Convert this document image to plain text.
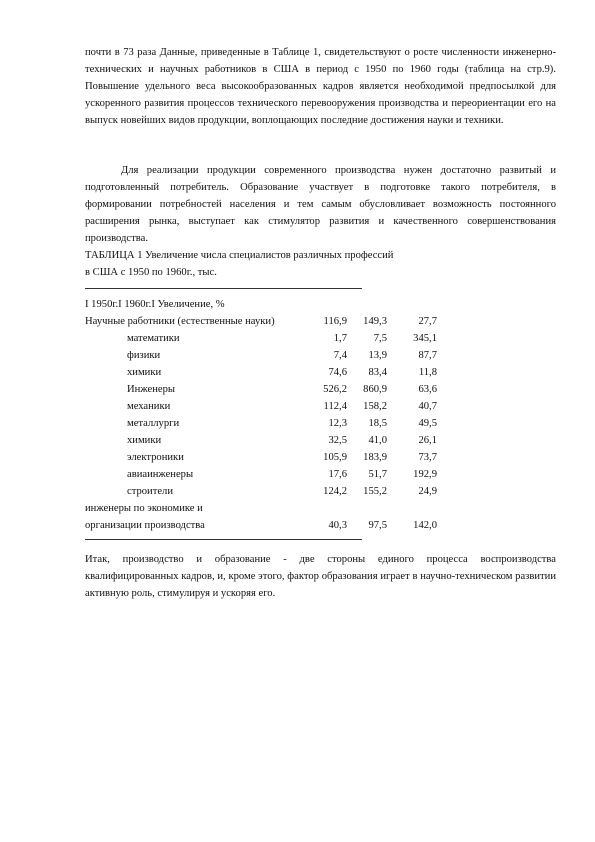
почти в 73 раза Данные, приведенные в Таблице 1, свидетельствуют о росте численности инженерно-технических и научных работников в США в период с 1950 по 1960 годы (таблица на стр.9). Повышение удельного веса высокообразованных кадров является необходимой предпосылкой для ускоренного развития процессов технического перевооружения производства и переориентации его на выпуск новейших видов продукции, воплощающих последние достижения науки и техники.

Для реализации продукции современного производства нужен достаточно развитый и подготовленный потребитель. Образование участвует в подготовке такого потребителя, в формировании потребностей населения и тем самым обусловливает возможность постоянного расширения рынка, выступает как стимулятор развития и качественного совершенствования производства.

ТАБЛИЦА 1 Увеличение числа специалистов различных профессий
в США с 1950 по 1960г., тыс.
I 1950г.I 1960г.I Увеличение, %
Научные работники (естественные науки)	116,9	149,3	27,7
математики	1,7	7,5	345,1
физики	7,4	13,9	87,7
химики	74,6	83,4	11,8
Инженеры	526,2	860,9	63,6
механики	112,4	158,2	40,7
металлурги	12,3	18,5	49,5
химики	32,5	41,0	26,1
электроники	105,9	183,9	73,7
авиаинженеры	17,6	51,7	192,9
строители	124,2	155,2	24,9
инженеры по экономике и
организации производства	40,3	97,5	142,0

Итак, производство и образование - две стороны единого процесса воспроизводства квалифицированных кадров, и, кроме этого, фактор образования играет в научно-техническом развитии активную роль, стимулируя и ускоряя его.
